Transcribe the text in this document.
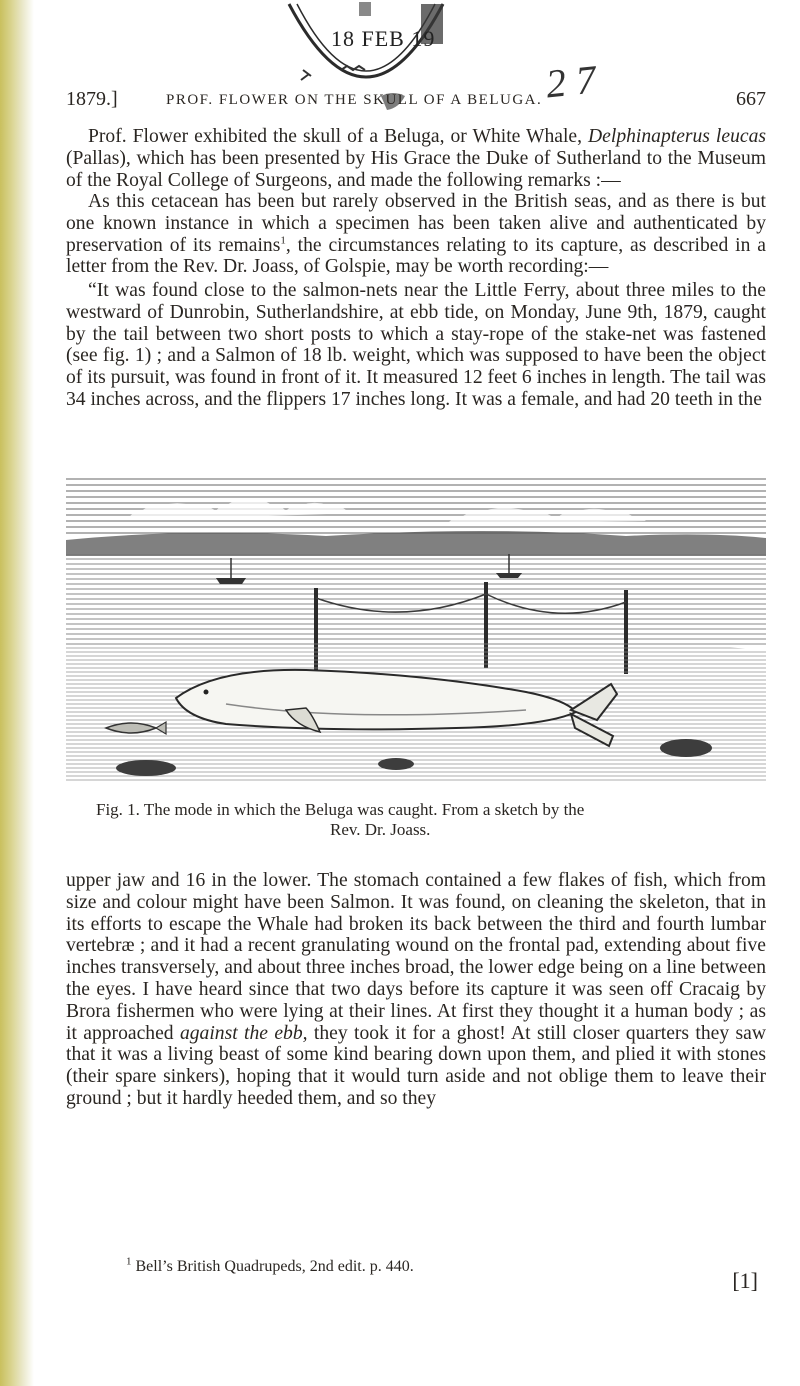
18 FEB 19
2 7
1879.]	PROF. FLOWER ON THE SKULL OF A BELUGA.	667

Prof. Flower exhibited the skull of a Beluga, or White Whale, Delphinapterus leucas (Pallas), which has been presented by His Grace the Duke of Sutherland to the Museum of the Royal College of Surgeons, and made the following remarks :—

As this cetacean has been but rarely observed in the British seas, and as there is but one known instance in which a specimen has been taken alive and authenticated by preservation of its remains$^1$, the circumstances relating to its capture, as described in a letter from the Rev. Dr. Joass, of Golspie, may be worth recording:—

“It was found close to the salmon-nets near the Little Ferry, about three miles to the westward of Dunrobin, Sutherlandshire, at ebb tide, on Monday, June 9th, 1879, caught by the tail between two short posts to which a stay-rope of the stake-net was fastened (see fig. 1) ; and a Salmon of 18 lb. weight, which was supposed to have been the object of its pursuit, was found in front of it. It measured 12 feet 6 inches in length. The tail was 34 inches across, and the flippers 17 inches long. It was a female, and had 20 teeth in the

Fig. 1. The mode in which the Beluga was caught. From a sketch by the
Rev. Dr. Joass.

upper jaw and 16 in the lower. The stomach contained a few flakes of fish, which from size and colour might have been Salmon. It was found, on cleaning the skeleton, that in its efforts to escape the Whale had broken its back between the third and fourth lumbar vertebræ ; and it had a recent granulating wound on the frontal pad, extending about five inches transversely, and about three inches broad, the lower edge being on a line between the eyes. I have heard since that two days before its capture it was seen off Cracaig by Brora fishermen who were lying at their lines. At first they thought it a human body ; as it approached against the ebb, they took it for a ghost! At still closer quarters they saw that it was a living beast of some kind bearing down upon them, and plied it with stones (their spare sinkers), hoping that it would turn aside and not oblige them to leave their ground ; but it hardly heeded them, and so they

$^1$ Bell’s British Quadrupeds, 2nd edit. p. 440.
[1]
